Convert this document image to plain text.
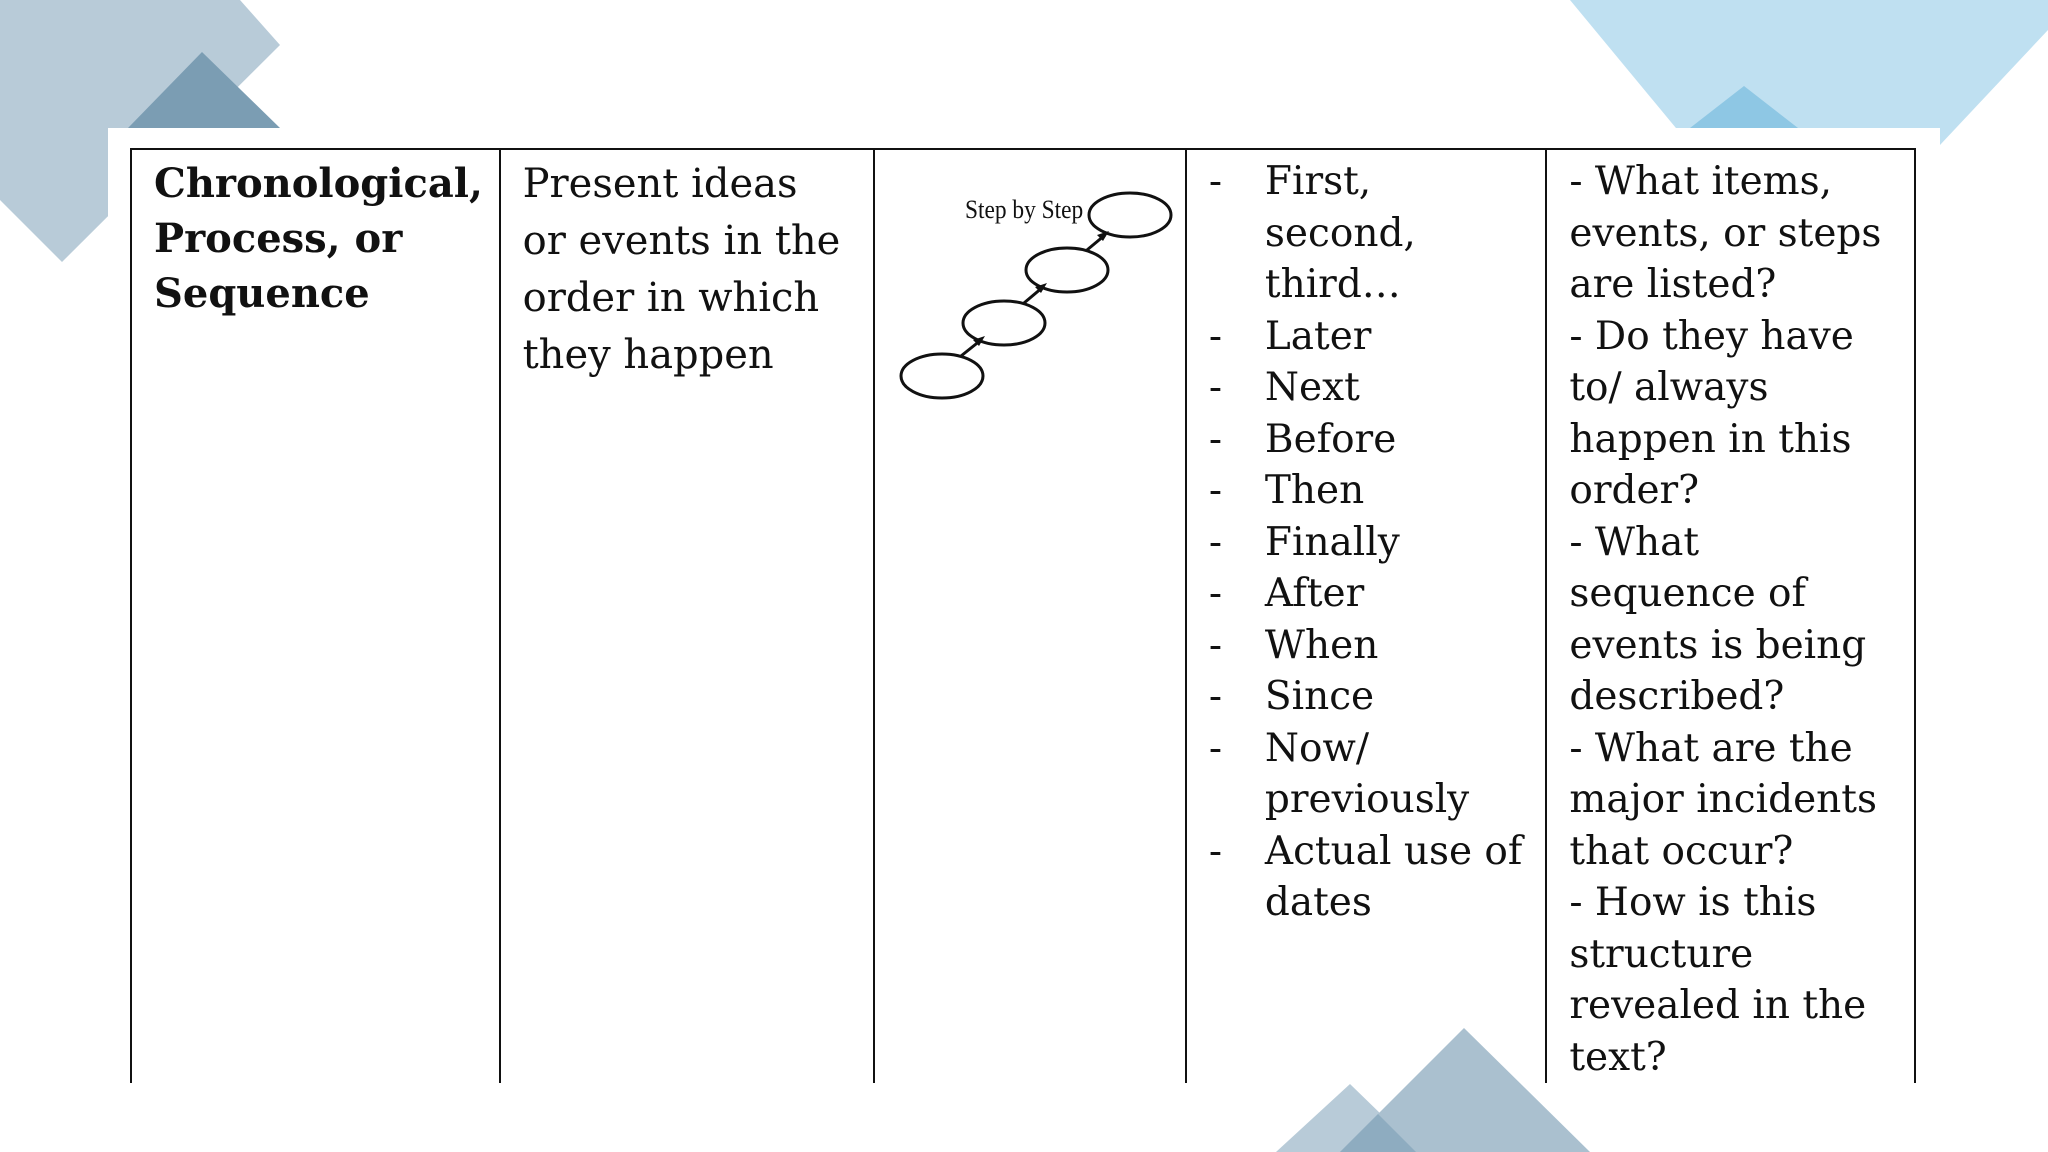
Chronological, Process, or Sequence

Present ideas or events in the order in which they happen

Step by Step

- First, second, third…
- Later
- Next
- Before
- Then
- Finally
- After
- When
- Since
- Now/ previously
- Actual use of dates

- What items, events, or steps are listed?
- Do they have to/ always happen in this order?
- What sequence of events is being described?
- What are the major incidents that occur?
- How is this structure revealed in the text?
